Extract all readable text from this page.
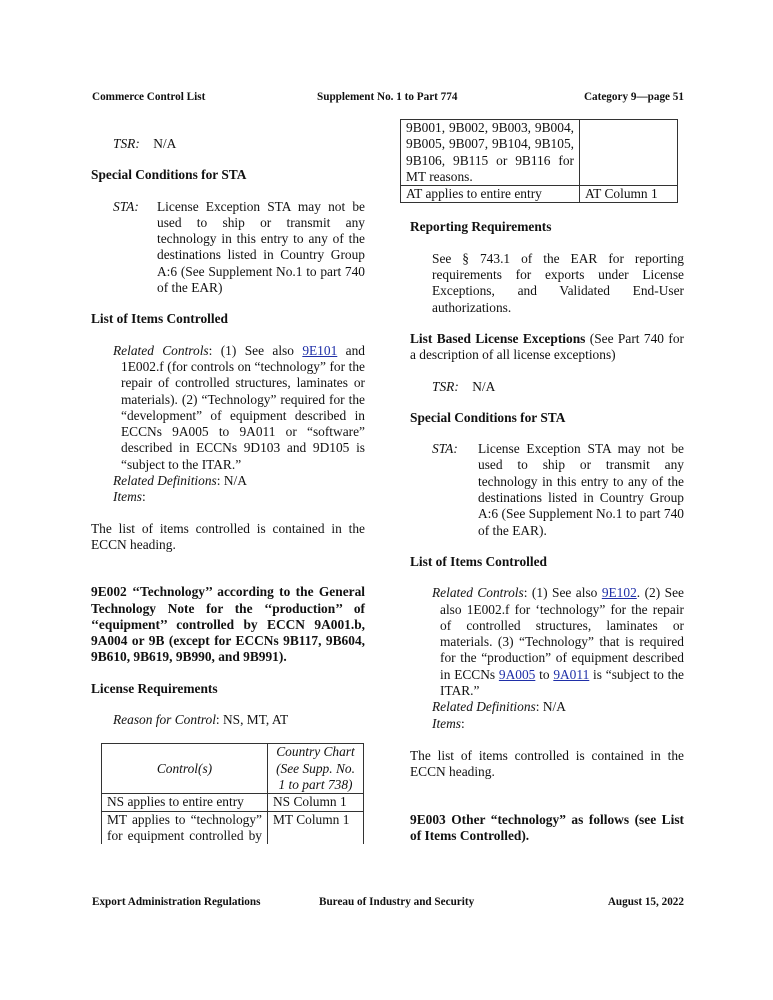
Commerce Control List	Supplement No. 1 to Part 774	Category 9—page 51
TSR: N/A
Special Conditions for STA
STA:	License Exception STA may not be used to ship or transmit any technology in this entry to any of the destinations listed in Country Group A:6 (See Supplement No.1 to part 740 of the EAR)
List of Items Controlled
Related Controls: (1) See also 9E101 and 1E002.f (for controls on “technology” for the repair of controlled structures, laminates or materials). (2) “Technology” required for the “development” of equipment described in ECCNs 9A005 to 9A011 or “software” described in ECCNs 9D103 and 9D105 is “subject to the ITAR.”
Related Definitions: N/A
Items:
The list of items controlled is contained in the ECCN heading.
9E002 ‘‘Technology’’ according to the General Technology Note for the ‘‘production’’ of ‘‘equipment’’ controlled by ECCN 9A001.b, 9A004 or 9B (except for ECCNs 9B117, 9B604, 9B610, 9B619, 9B990, and 9B991).
License Requirements
Reason for Control: NS, MT, AT
Control(s)	Country Chart (See Supp. No. 1 to part 738)
NS applies to entire entry	NS Column 1
MT applies to “technology” for equipment controlled by	MT Column 1
9B001, 9B002, 9B003, 9B004, 9B005, 9B007, 9B104, 9B105, 9B106, 9B115 or 9B116 for MT reasons.	
AT applies to entire entry	AT Column 1
Reporting Requirements
See § 743.1 of the EAR for reporting requirements for exports under License Exceptions, and Validated End-User authorizations.
List Based License Exceptions (See Part 740 for a description of all license exceptions)
TSR: N/A
Special Conditions for STA
STA:	License Exception STA may not be used to ship or transmit any technology in this entry to any of the destinations listed in Country Group A:6 (See Supplement No.1 to part 740 of the EAR).
List of Items Controlled
Related Controls: (1) See also 9E102. (2) See also 1E002.f for ‘technology” for the repair of controlled structures, laminates or materials. (3) “Technology” that is required for the “production” of equipment described in ECCNs 9A005 to 9A011 is “subject to the ITAR.”
Related Definitions: N/A
Items:
The list of items controlled is contained in the ECCN heading.
9E003 Other “technology” as follows (see List of Items Controlled).
Export Administration Regulations	Bureau of Industry and Security	August 15, 2022
